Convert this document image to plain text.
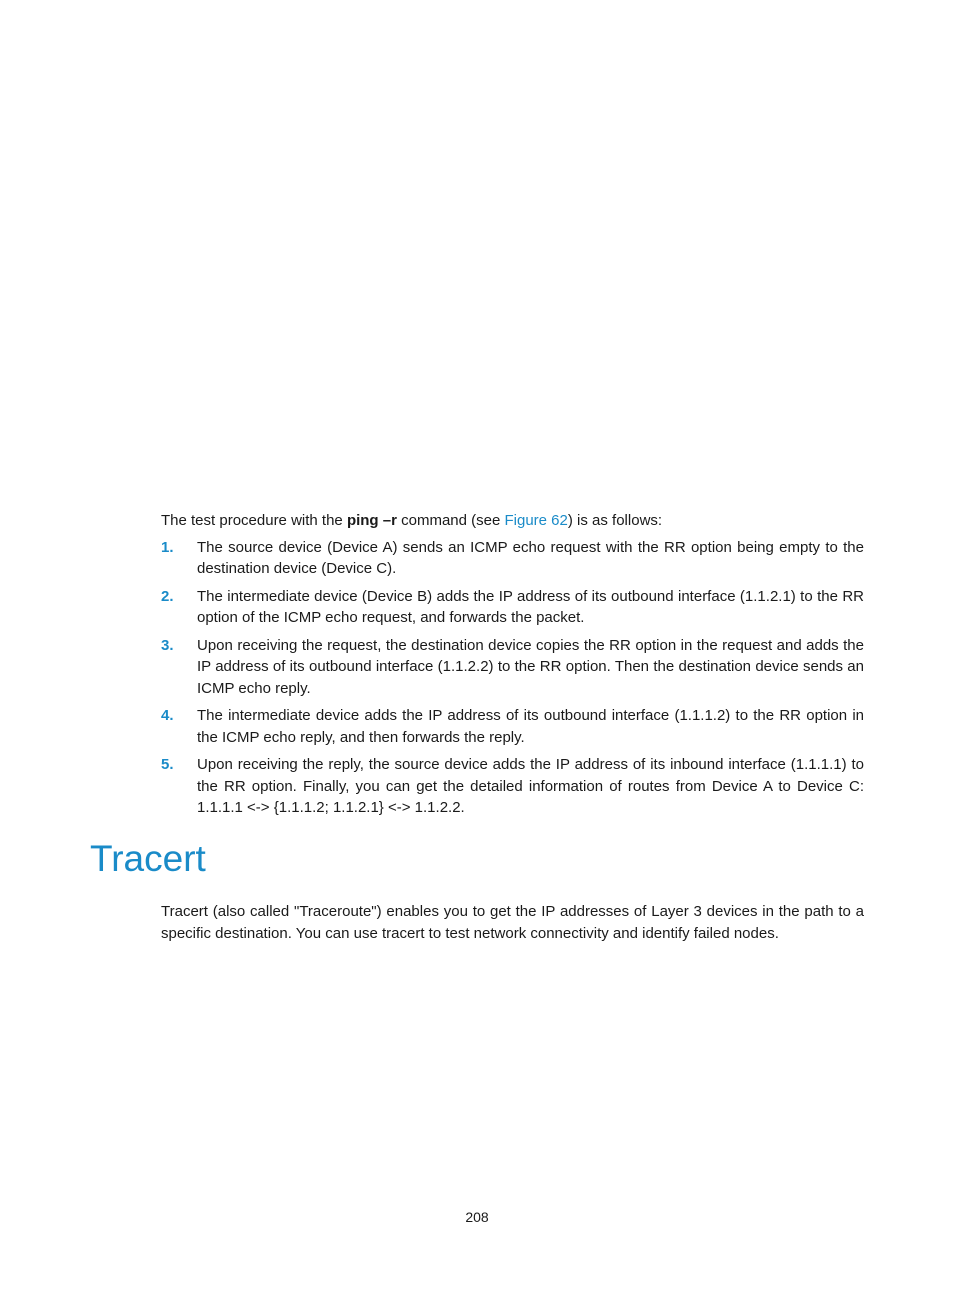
The test procedure with the ping –r command (see Figure 62) is as follows:

1. The source device (Device A) sends an ICMP echo request with the RR option being empty to the destination device (Device C).
2. The intermediate device (Device B) adds the IP address of its outbound interface (1.1.2.1) to the RR option of the ICMP echo request, and forwards the packet.
3. Upon receiving the request, the destination device copies the RR option in the request and adds the IP address of its outbound interface (1.1.2.2) to the RR option. Then the destination device sends an ICMP echo reply.
4. The intermediate device adds the IP address of its outbound interface (1.1.1.2) to the RR option in the ICMP echo reply, and then forwards the reply.
5. Upon receiving the reply, the source device adds the IP address of its inbound interface (1.1.1.1) to the RR option. Finally, you can get the detailed information of routes from Device A to Device C: 1.1.1.1 <-> {1.1.1.2; 1.1.2.1} <-> 1.1.2.2.
Tracert

Tracert (also called "Traceroute") enables you to get the IP addresses of Layer 3 devices in the path to a specific destination. You can use tracert to test network connectivity and identify failed nodes.

208
